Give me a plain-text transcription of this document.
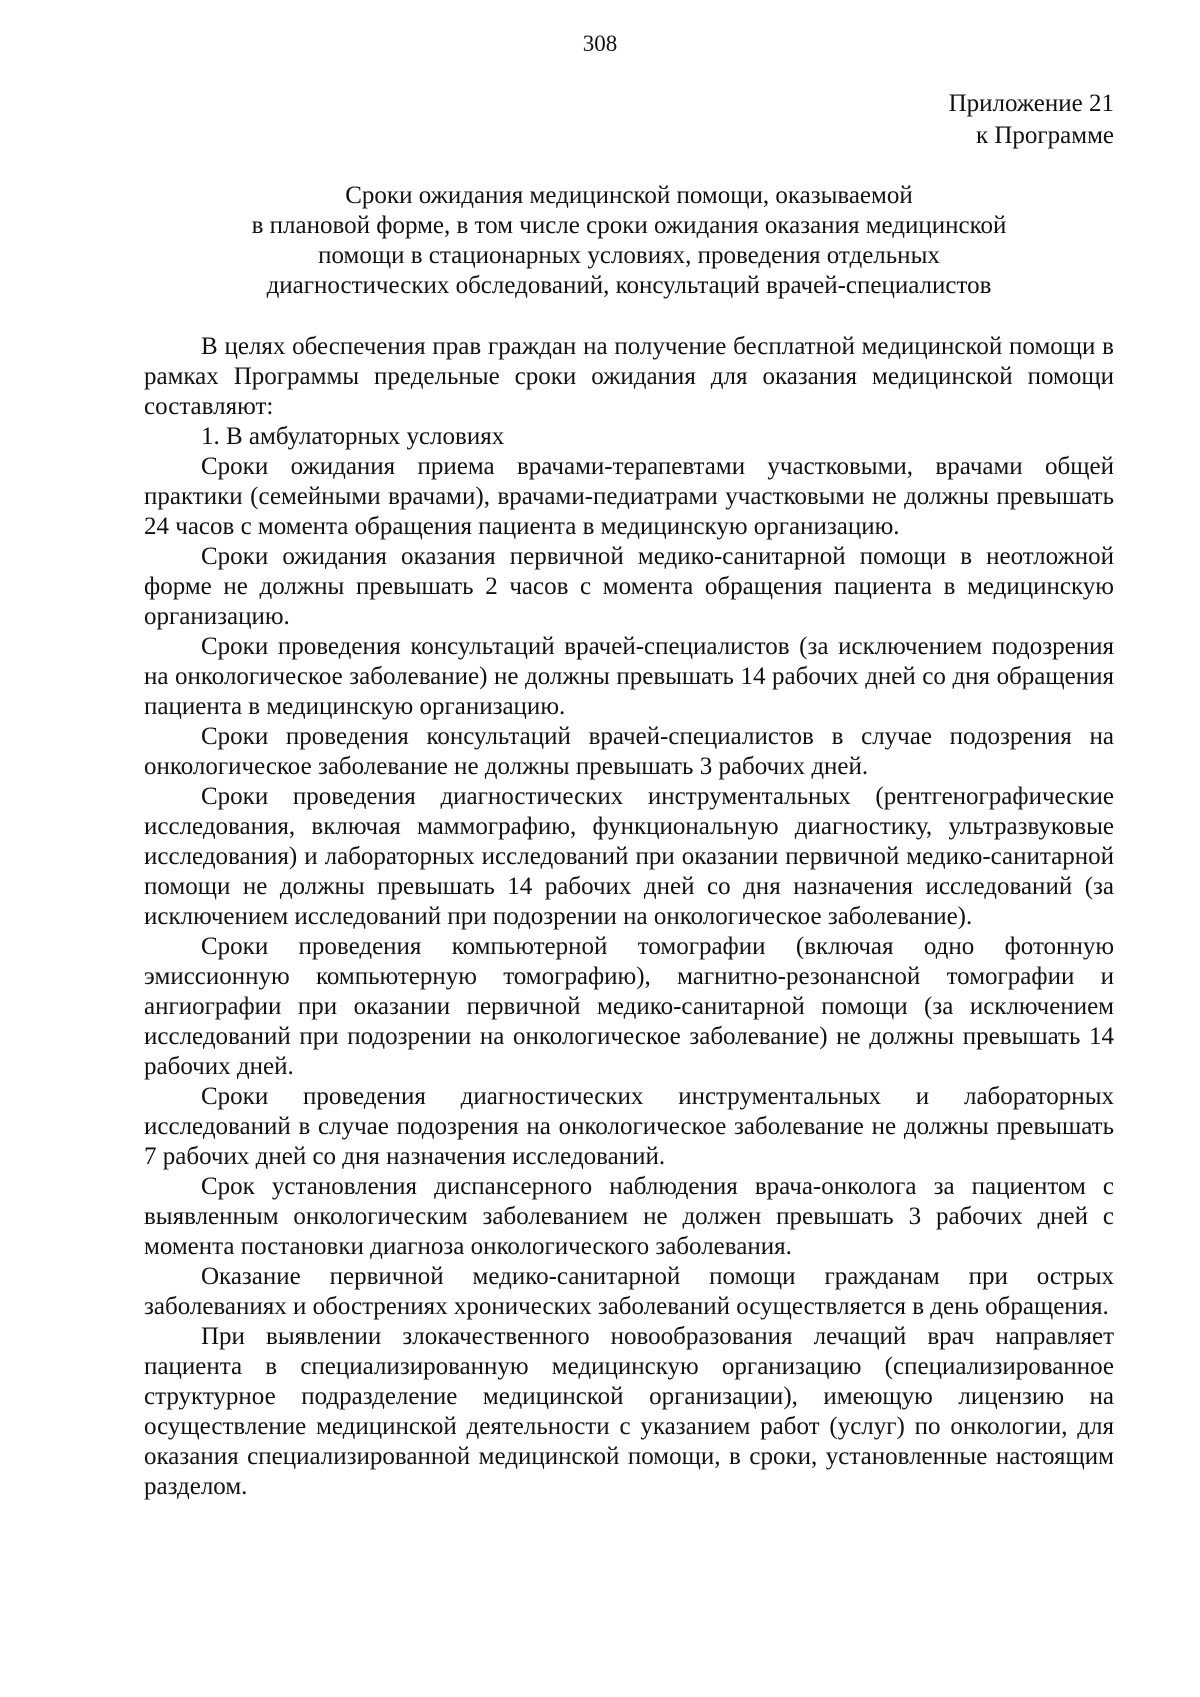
308
Приложение 21
к Программе
Сроки ожидания медицинской помощи, оказываемой
в плановой форме, в том числе сроки ожидания оказания медицинской
помощи в стационарных условиях, проведения отдельных
диагностических обследований, консультаций врачей-специалистов

В целях обеспечения прав граждан на получение бесплатной медицинской помощи в рамках Программы предельные сроки ожидания для оказания медицинской помощи составляют:

1. В амбулаторных условиях

Сроки ожидания приема врачами-терапевтами участковыми, врачами общей практики (семейными врачами), врачами-педиатрами участковыми не должны превышать 24 часов с момента обращения пациента в медицинскую организацию.

Сроки ожидания оказания первичной медико-санитарной помощи в неотложной форме не должны превышать 2 часов с момента обращения пациента в медицинскую организацию.

Сроки проведения консультаций врачей-специалистов (за исключением подозрения на онкологическое заболевание) не должны превышать 14 рабочих дней со дня обращения пациента в медицинскую организацию.

Сроки проведения консультаций врачей-специалистов в случае подозрения на онкологическое заболевание не должны превышать 3 рабочих дней.

Сроки проведения диагностических инструментальных (рентгенографические исследования, включая маммографию, функциональную диагностику, ультразвуковые исследования) и лабораторных исследований при оказании первичной медико-санитарной помощи не должны превышать 14 рабочих дней со дня назначения исследований (за исключением исследований при подозрении на онкологическое заболевание).

Сроки проведения компьютерной томографии (включая одно фотонную эмиссионную компьютерную томографию), магнитно-резонансной томографии и ангиографии при оказании первичной медико-санитарной помощи (за исключением исследований при подозрении на онкологическое заболевание) не должны превышать 14 рабочих дней.

Сроки проведения диагностических инструментальных и лабораторных исследований в случае подозрения на онкологическое заболевание не должны превышать 7 рабочих дней со дня назначения исследований.

Срок установления диспансерного наблюдения врача-онколога за пациентом с выявленным онкологическим заболеванием не должен превышать 3 рабочих дней с момента постановки диагноза онкологического заболевания.

Оказание первичной медико-санитарной помощи гражданам при острых заболеваниях и обострениях хронических заболеваний осуществляется в день обращения.

При выявлении злокачественного новообразования лечащий врач направляет пациента в специализированную медицинскую организацию (специализированное структурное подразделение медицинской организации), имеющую лицензию на осуществление медицинской деятельности с указанием работ (услуг) по онкологии, для оказания специализированной медицинской помощи, в сроки, установленные настоящим разделом.
